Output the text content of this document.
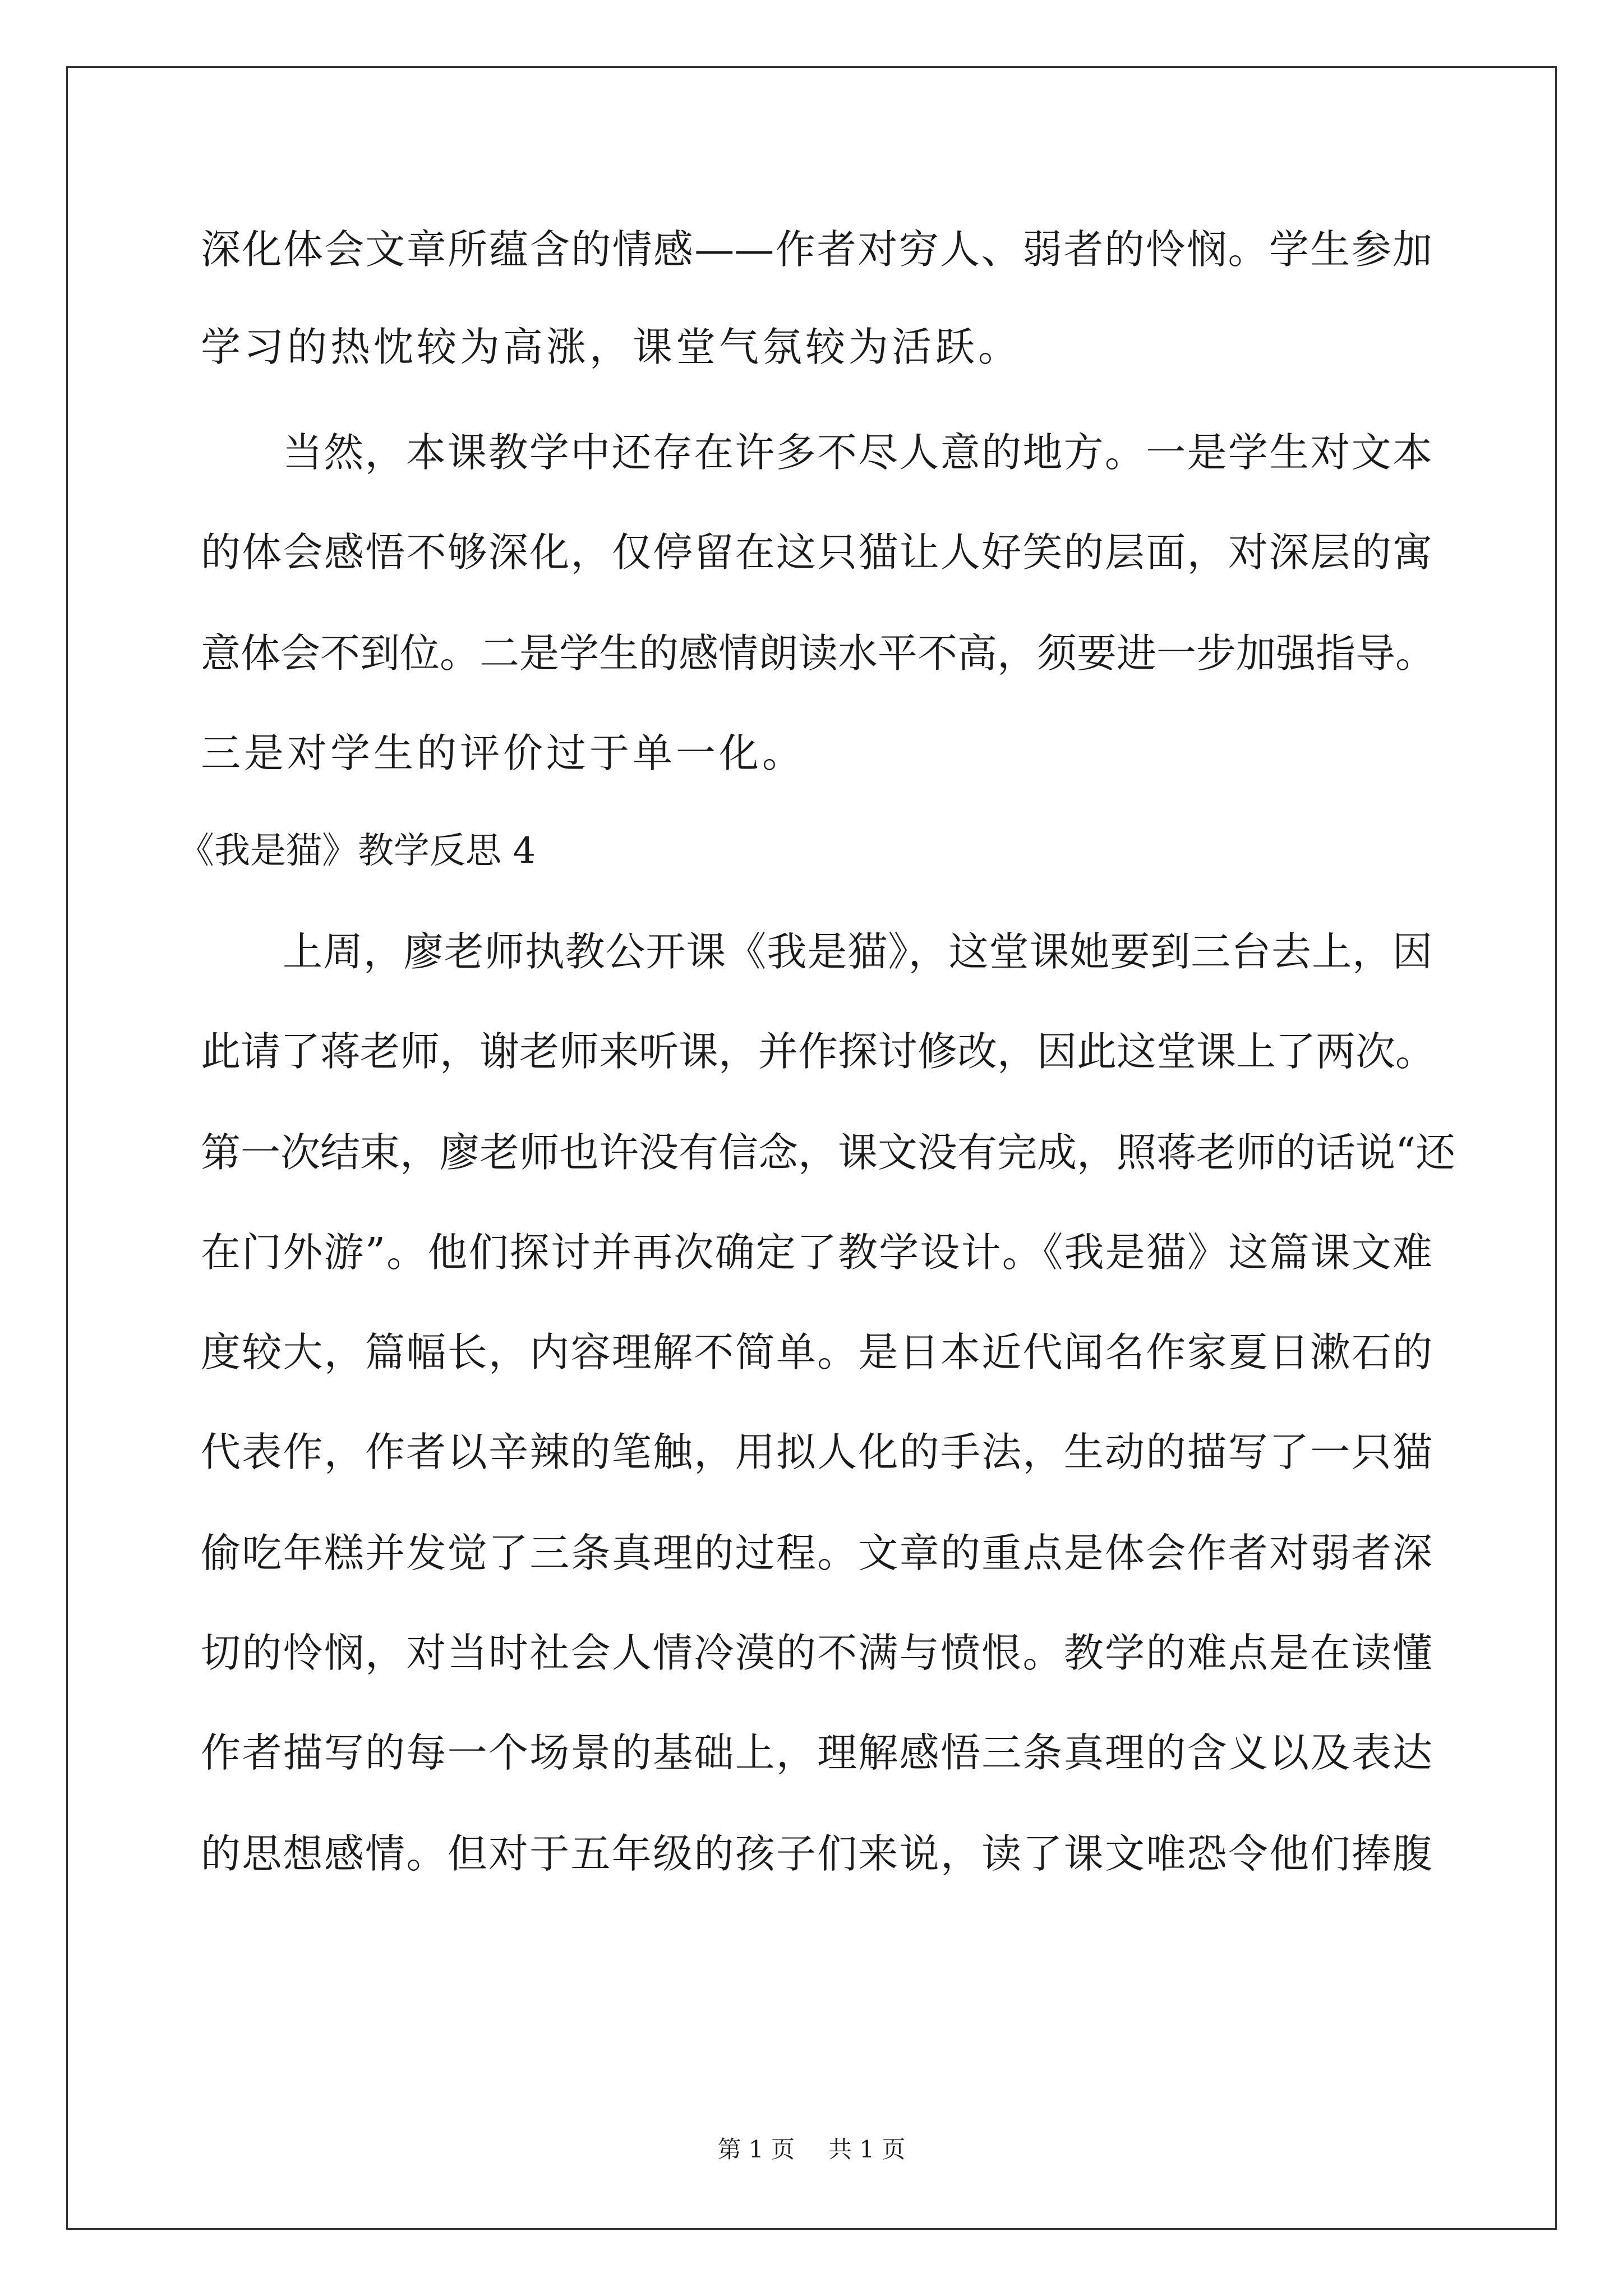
深化体会文章所蕴含的情感——作者对穷人、弱者的怜悯。学生参加
学习的热忱较为高涨，课堂气氛较为活跃。
当然，本课教学中还存在许多不尽人意的地方。一是学生对文本
的体会感悟不够深化，仅停留在这只猫让人好笑的层面，对深层的寓
意体会不到位。二是学生的感情朗读水平不高，须要进一步加强指导。
三是对学生的评价过于单一化。
《我是猫》教学反思 4
上周，廖老师执教公开课《我是猫》，这堂课她要到三台去上，因
此请了蒋老师，谢老师来听课，并作探讨修改，因此这堂课上了两次。
第一次结束，廖老师也许没有信念，课文没有完成，照蒋老师的话说“还
在门外游”。他们探讨并再次确定了教学设计。《我是猫》这篇课文难
度较大，篇幅长，内容理解不简单。是日本近代闻名作家夏日漱石的
代表作，作者以辛辣的笔触，用拟人化的手法，生动的描写了一只猫
偷吃年糕并发觉了三条真理的过程。文章的重点是体会作者对弱者深
切的怜悯，对当时社会人情冷漠的不满与愤恨。教学的难点是在读懂
作者描写的每一个场景的基础上，理解感悟三条真理的含义以及表达
的思想感情。但对于五年级的孩子们来说，读了课文唯恐令他们捧腹
第 1 页 共 1 页
